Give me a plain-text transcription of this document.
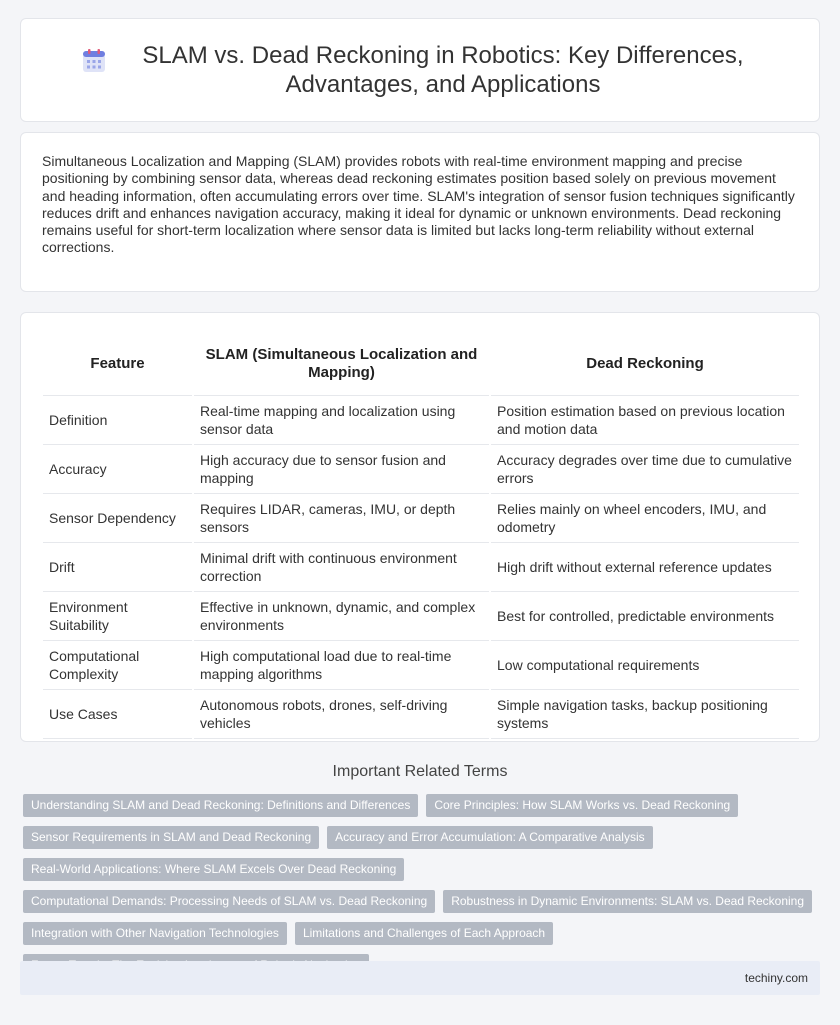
SLAM vs. Dead Reckoning in Robotics: Key Differences, Advantages, and Applications

Simultaneous Localization and Mapping (SLAM) provides robots with real-time environment mapping and precise positioning by combining sensor data, whereas dead reckoning estimates position based solely on previous movement and heading information, often accumulating errors over time. SLAM's integration of sensor fusion techniques significantly reduces drift and enhances navigation accuracy, making it ideal for dynamic or unknown environments. Dead reckoning remains useful for short-term localization where sensor data is limited but lacks long-term reliability without external corrections.

Feature	SLAM (Simultaneous Localization and Mapping)	Dead Reckoning
Definition	Real-time mapping and localization using sensor data	Position estimation based on previous location and motion data
Accuracy	High accuracy due to sensor fusion and mapping	Accuracy degrades over time due to cumulative errors
Sensor Dependency	Requires LIDAR, cameras, IMU, or depth sensors	Relies mainly on wheel encoders, IMU, and odometry
Drift	Minimal drift with continuous environment correction	High drift without external reference updates
Environment Suitability	Effective in unknown, dynamic, and complex environments	Best for controlled, predictable environments
Computational Complexity	High computational load due to real-time mapping algorithms	Low computational requirements
Use Cases	Autonomous robots, drones, self-driving vehicles	Simple navigation tasks, backup positioning systems
Important Related Terms
Understanding SLAM and Dead Reckoning: Definitions and Differences	Core Principles: How SLAM Works vs. Dead Reckoning
Sensor Requirements in SLAM and Dead Reckoning	Accuracy and Error Accumulation: A Comparative Analysis
Real-World Applications: Where SLAM Excels Over Dead Reckoning
Computational Demands: Processing Needs of SLAM vs. Dead Reckoning	Robustness in Dynamic Environments: SLAM vs. Dead Reckoning
Integration with Other Navigation Technologies	Limitations and Challenges of Each Approach
techiny.com
